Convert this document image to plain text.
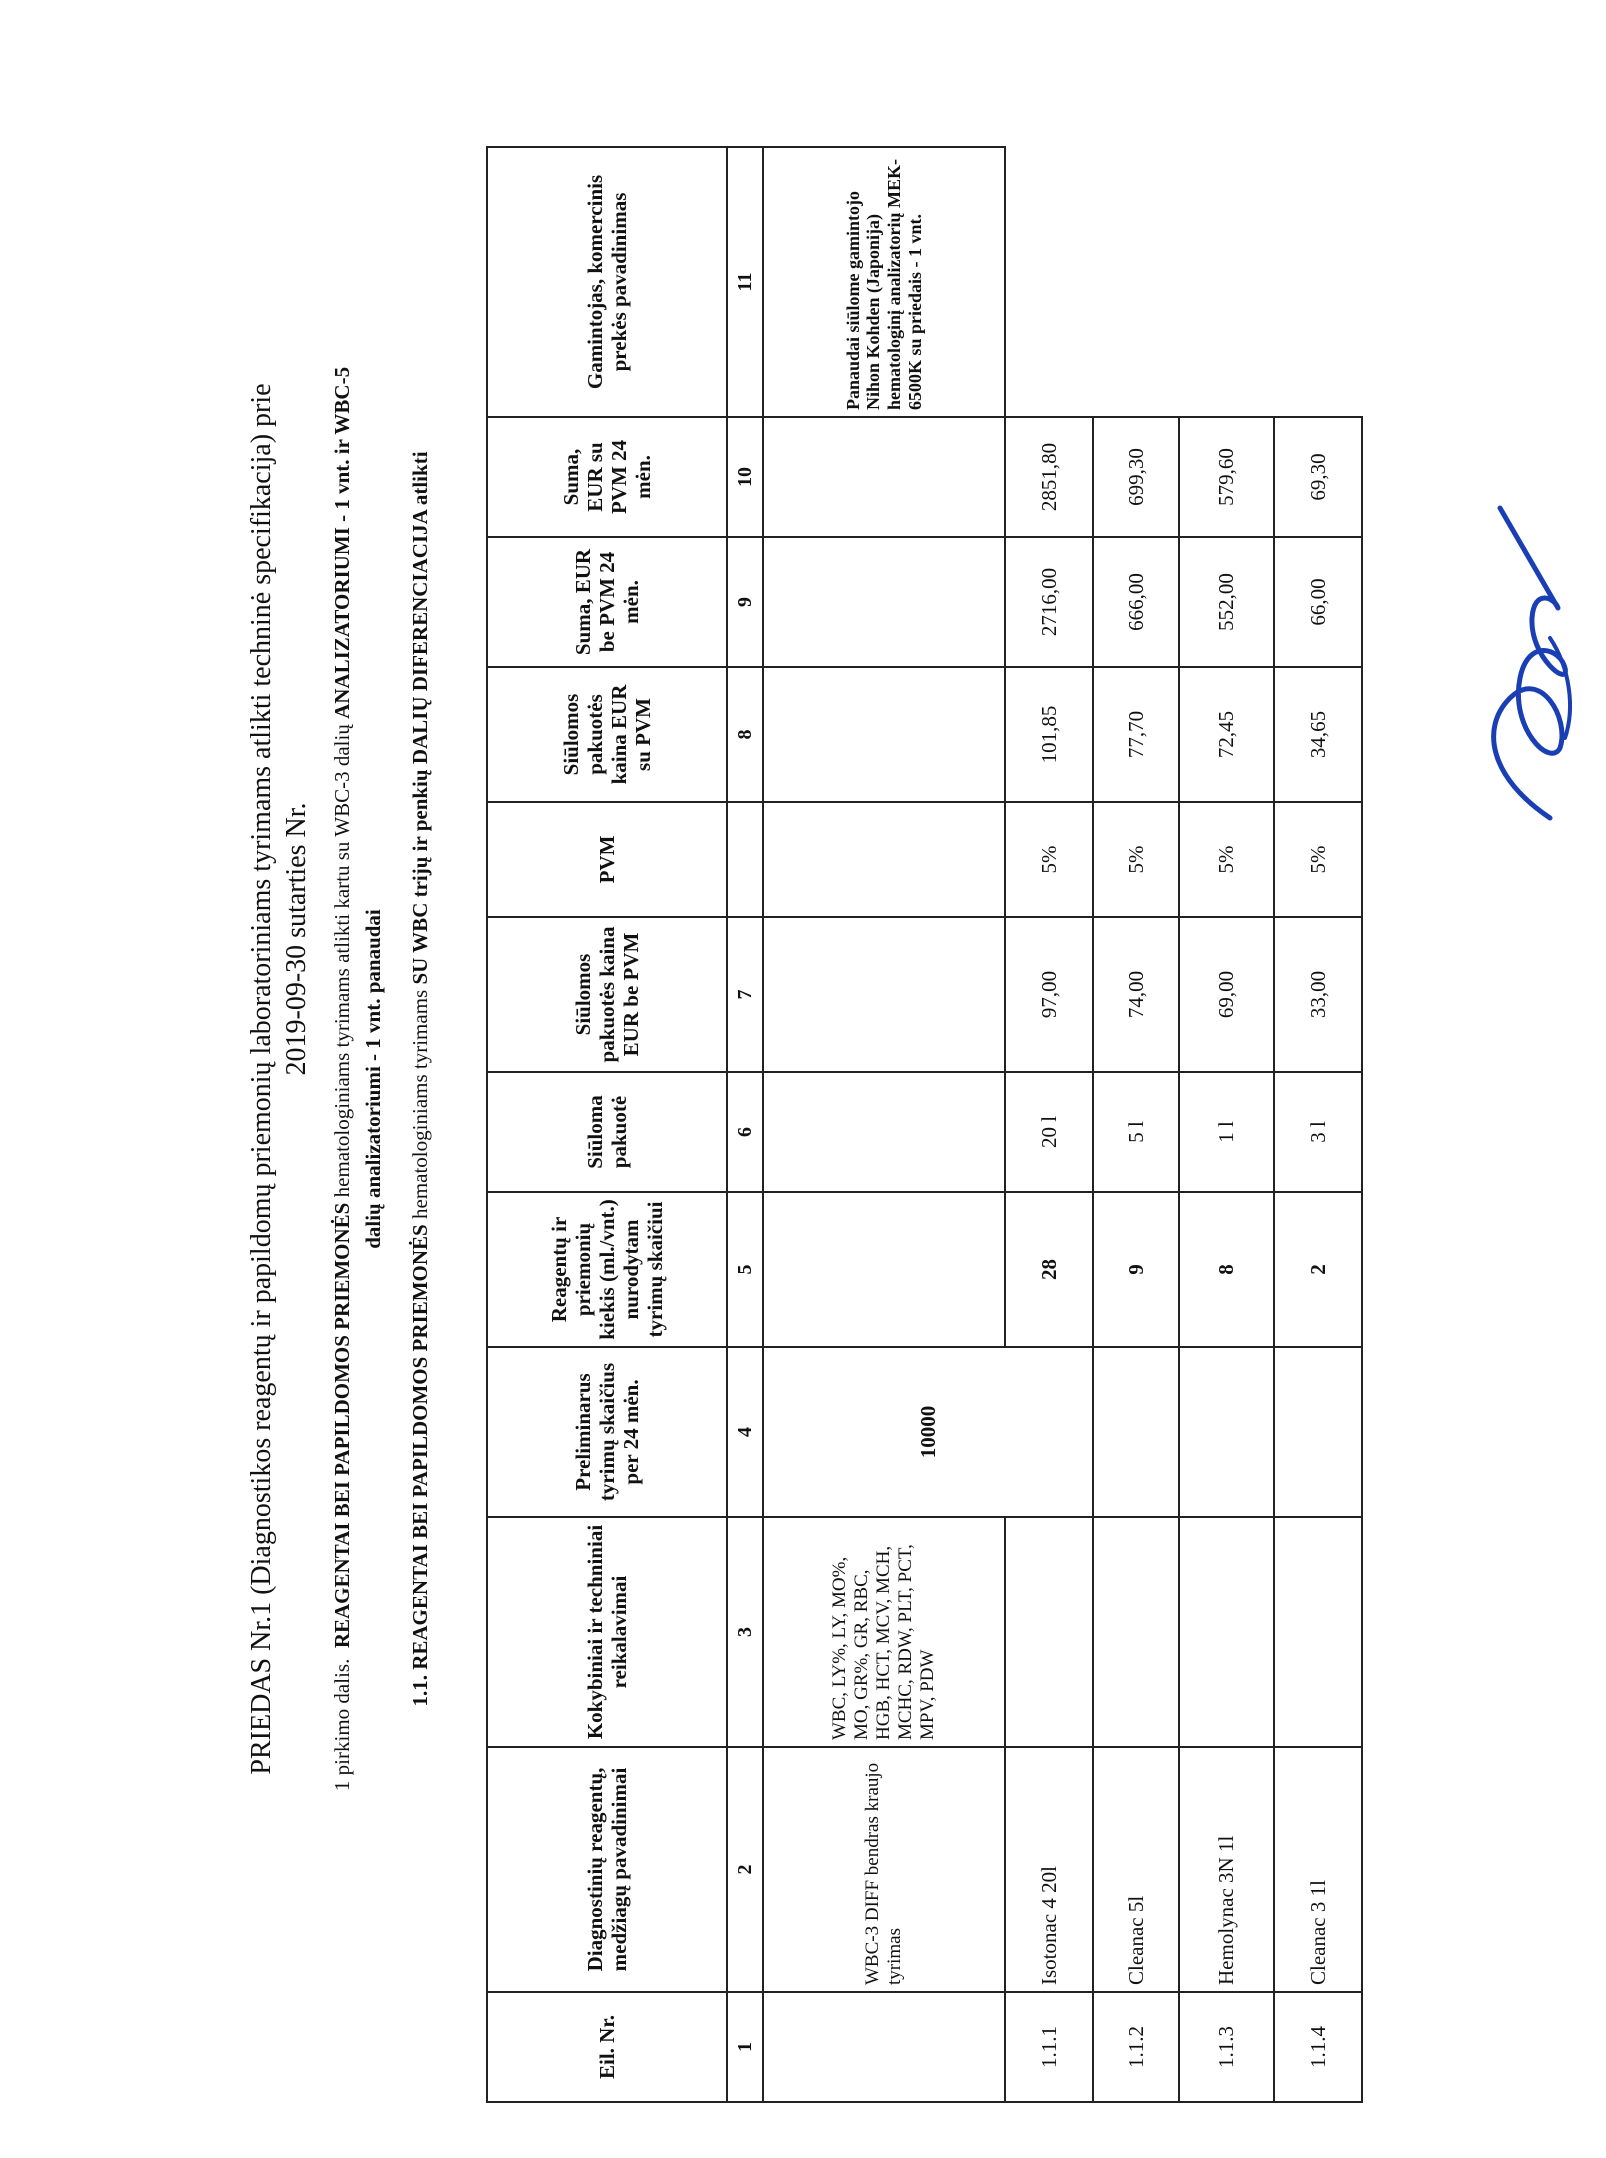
PRIEDAS Nr.1 (Diagnostikos reagentų ir papildomų priemonių laboratoriniams tyrimams atlikti techninė specifikacija) prie 2019-09-30 sutarties Nr.
1 pirkimo dalis.  REAGENTAI BEI PAPILDOMOS PRIEMONĖS hematologiniams tyrimams atlikti kartu su WBC-3 dalių ANALIZATORIUMI - 1 vnt. ir WBC-5
dalių analizatoriumi - 1 vnt. panaudai
1.1. REAGENTAI BEI PAPILDOMOS PRIEMONĖS hematologiniams tyrimams SU WBC trijų ir penkių DALIŲ DIFERENCIACIJA atlikti
Eil. Nr.	Diagnostinių reagentų, medžiagų pavadinimai	Kokybiniai ir techniniai reikalavimai	Preliminarus tyrimų skaičius per 24 mėn.	Reagentų ir priemonių kiekis (ml./vnt.) nurodytam tyrimų skaičiui	Siūloma pakuotė	Siūlomos pakuotės kaina EUR be PVM	PVM	Siūlomos pakuotės kaina EUR su PVM	Suma, EUR be PVM 24 mėn.	Suma, EUR su PVM 24 mėn.	Gamintojas, komercinis prekės pavadinimas
1	2	3	4	5	6	7		8	9	10	11
	WBC-3 DIFF bendras kraujo tyrimas	WBC, LY%, LY, MO%, MO, GR%, GR, RBC, HGB, HCT, MCV, MCH, MCHC, RDW, PLT, PCT, MPV, PDW	10000								Panaudai siūlome gamintojo Nihon Kohden (Japonija) hematologinį analizatorių MEK-6500K su priedais - 1 vnt.
1.1.1	Isotonac 4 20l			28	20 l	97,00	5%	101,85	2716,00	2851,80	
1.1.2	Cleanac 5l			9	5 l	74,00	5%	77,70	666,00	699,30	
1.1.3	Hemolynac 3N 1l			8	1 l	69,00	5%	72,45	552,00	579,60	
1.1.4	Cleanac 3 1l			2	3 l	33,00	5%	34,65	66,00	69,30	
